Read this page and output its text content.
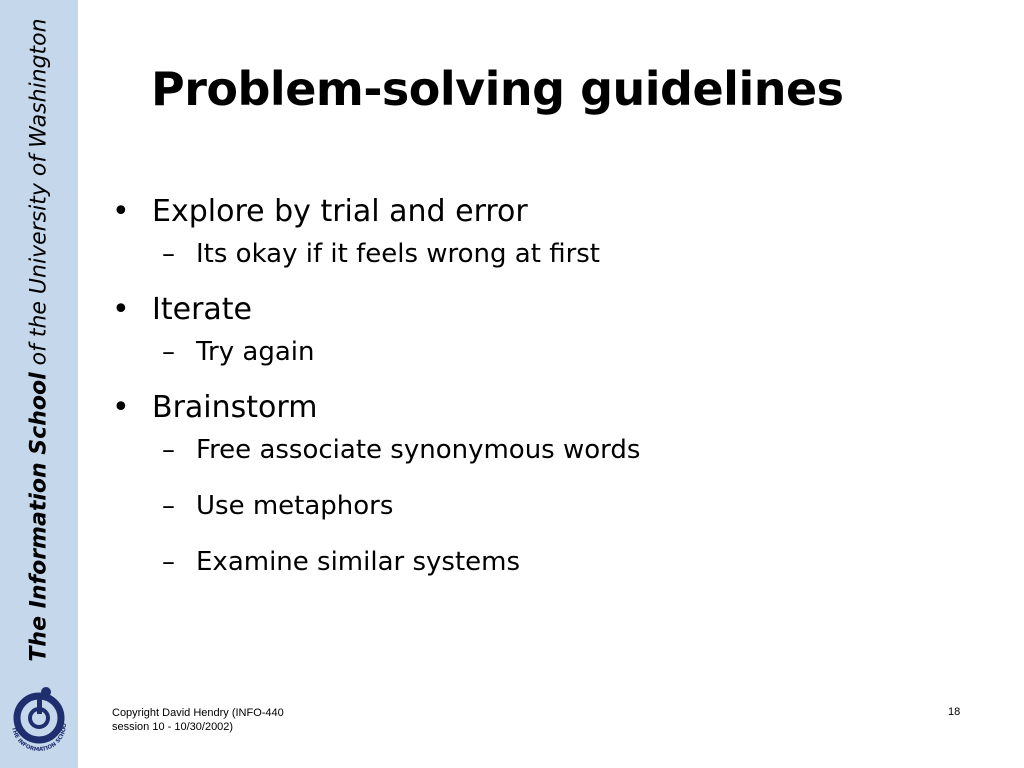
The Information School of the University of Washington
THE INFORMATION SCHOO
Problem-solving guidelines
• Explore by trial and error
– Its okay if it feels wrong at first
• Iterate
– Try again
• Brainstorm
– Free associate synonymous words
– Use metaphors
– Examine similar systems
Copyright David Hendry (INFO-440
session 10 - 10/30/2002)
18
